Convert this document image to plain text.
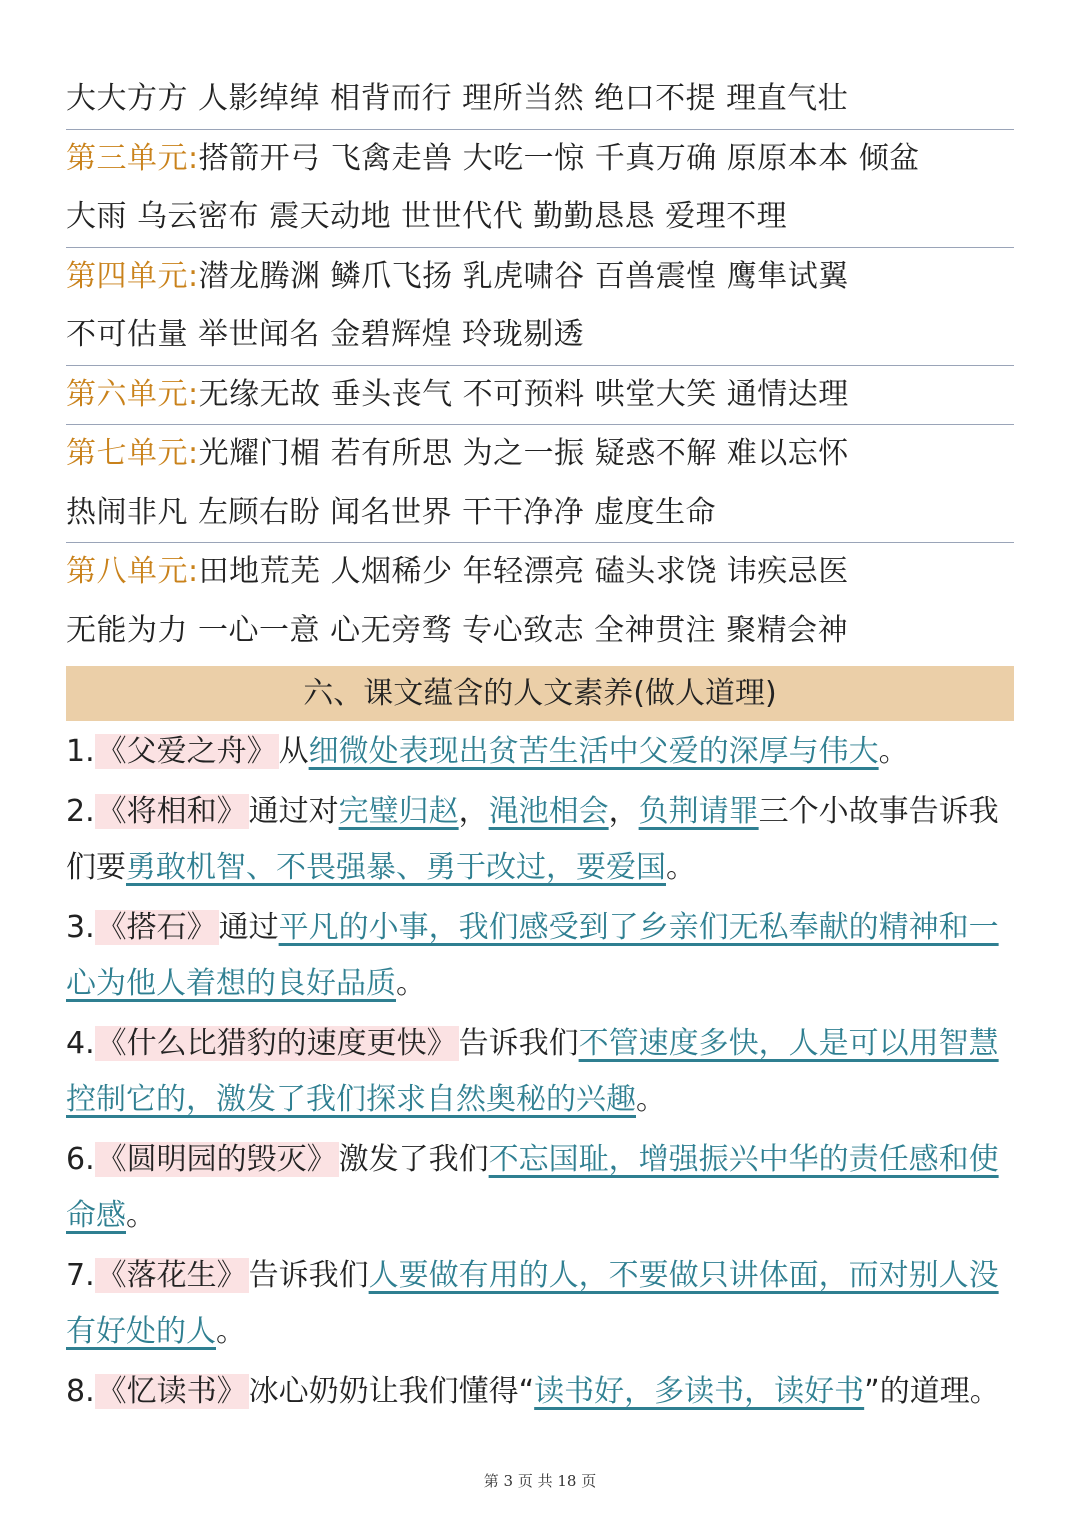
大大方方 人影绰绰 相背而行 理所当然 绝口不提 理直气壮
第三单元:搭箭开弓 飞禽走兽 大吃一惊 千真万确 原原本本 倾盆
大雨 乌云密布 震天动地 世世代代 勤勤恳恳 爱理不理
第四单元:潜龙腾渊 鳞爪飞扬 乳虎啸谷 百兽震惶 鹰隼试翼
不可估量 举世闻名 金碧辉煌 玲珑剔透
第六单元:无缘无故 垂头丧气 不可预料 哄堂大笑 通情达理
第七单元:光耀门楣 若有所思 为之一振 疑惑不解 难以忘怀
热闹非凡 左顾右盼 闻名世界 干干净净 虚度生命
第八单元:田地荒芜 人烟稀少 年轻漂亮 磕头求饶 讳疾忌医
无能为力 一心一意 心无旁骛 专心致志 全神贯注 聚精会神
六、课文蕴含的人文素养(做人道理)
1.《父爱之舟》从细微处表现出贫苦生活中父爱的深厚与伟大。
2.《将相和》通过对完璧归赵，渑池相会，负荆请罪三个小故事告诉我们要勇敢机智、不畏强暴、勇于改过，要爱国。
3.《搭石》通过平凡的小事，我们感受到了乡亲们无私奉献的精神和一心为他人着想的良好品质。
4.《什么比猎豹的速度更快》告诉我们不管速度多快，人是可以用智慧控制它的，激发了我们探求自然奥秘的兴趣。
6.《圆明园的毁灭》激发了我们不忘国耻，增强振兴中华的责任感和使命感。
7.《落花生》告诉我们人要做有用的人，不要做只讲体面，而对别人没有好处的人。
8.《忆读书》冰心奶奶让我们懂得“读书好，多读书，读好书”的道理。
第 3 页 共 18 页
